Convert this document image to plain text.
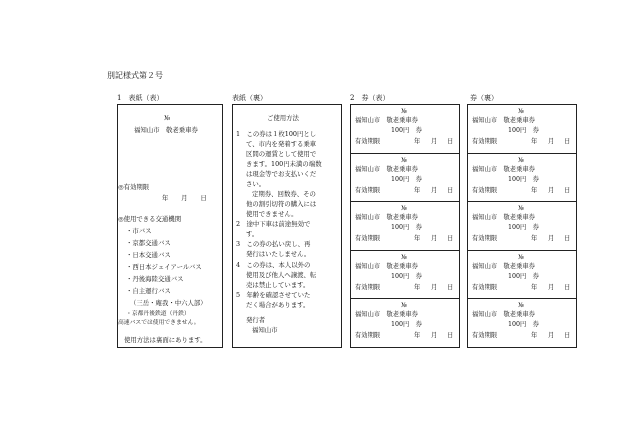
別記様式第２号
1　表紙（表）	表紙（裏）	2　券（表）	券（裏）
№
福知山市　敬老乗車券
◎有効期限
年　　月　　日
◎使用できる交通機関
・市バス
・京都交通バス
・日本交通バス
・西日本ジェイアールバス
・丹後海陸交通バス
・自主運行バス
（三岳・庵我・中六人部）
・京都丹後鉄道（丹鉄）
高速バスでは使用できません。
使用方法は裏面にあります。
ご使用方法
1　この券は１枚100円とし
て、市内を発着する乗車
区間の運賃として使用で
きます。100円未満の端数
は現金等でお支払いくだ
さい。
定期券、回数券、その
他の割引切符の購入には
使用できません。
2　途中下車は前途無効で
す。
3　この券の払い戻し、再
発行はいたしません。
4　この券は、本人以外の
使用及び他人へ譲渡、転
売は禁止しています。
5　年齢を確認させていた
だく場合があります。
発行者
福知山市
№
福知山市　敬老乗車券
100円　券
有効期限	年 月 日
№
福知山市　敬老乗車券
100円　券
有効期限	年 月 日
№
福知山市　敬老乗車券
100円　券
有効期限	年 月 日
№
福知山市　敬老乗車券
100円　券
有効期限	年 月 日
№
福知山市　敬老乗車券
100円　券
有効期限	年 月 日
№
福知山市　敬老乗車券
100円　券
有効期限	年 月 日
№
福知山市　敬老乗車券
100円　券
有効期限	年 月 日
№
福知山市　敬老乗車券
100円　券
有効期限	年 月 日
№
福知山市　敬老乗車券
100円　券
有効期限	年 月 日
№
福知山市　敬老乗車券
100円　券
有効期限	年 月 日
